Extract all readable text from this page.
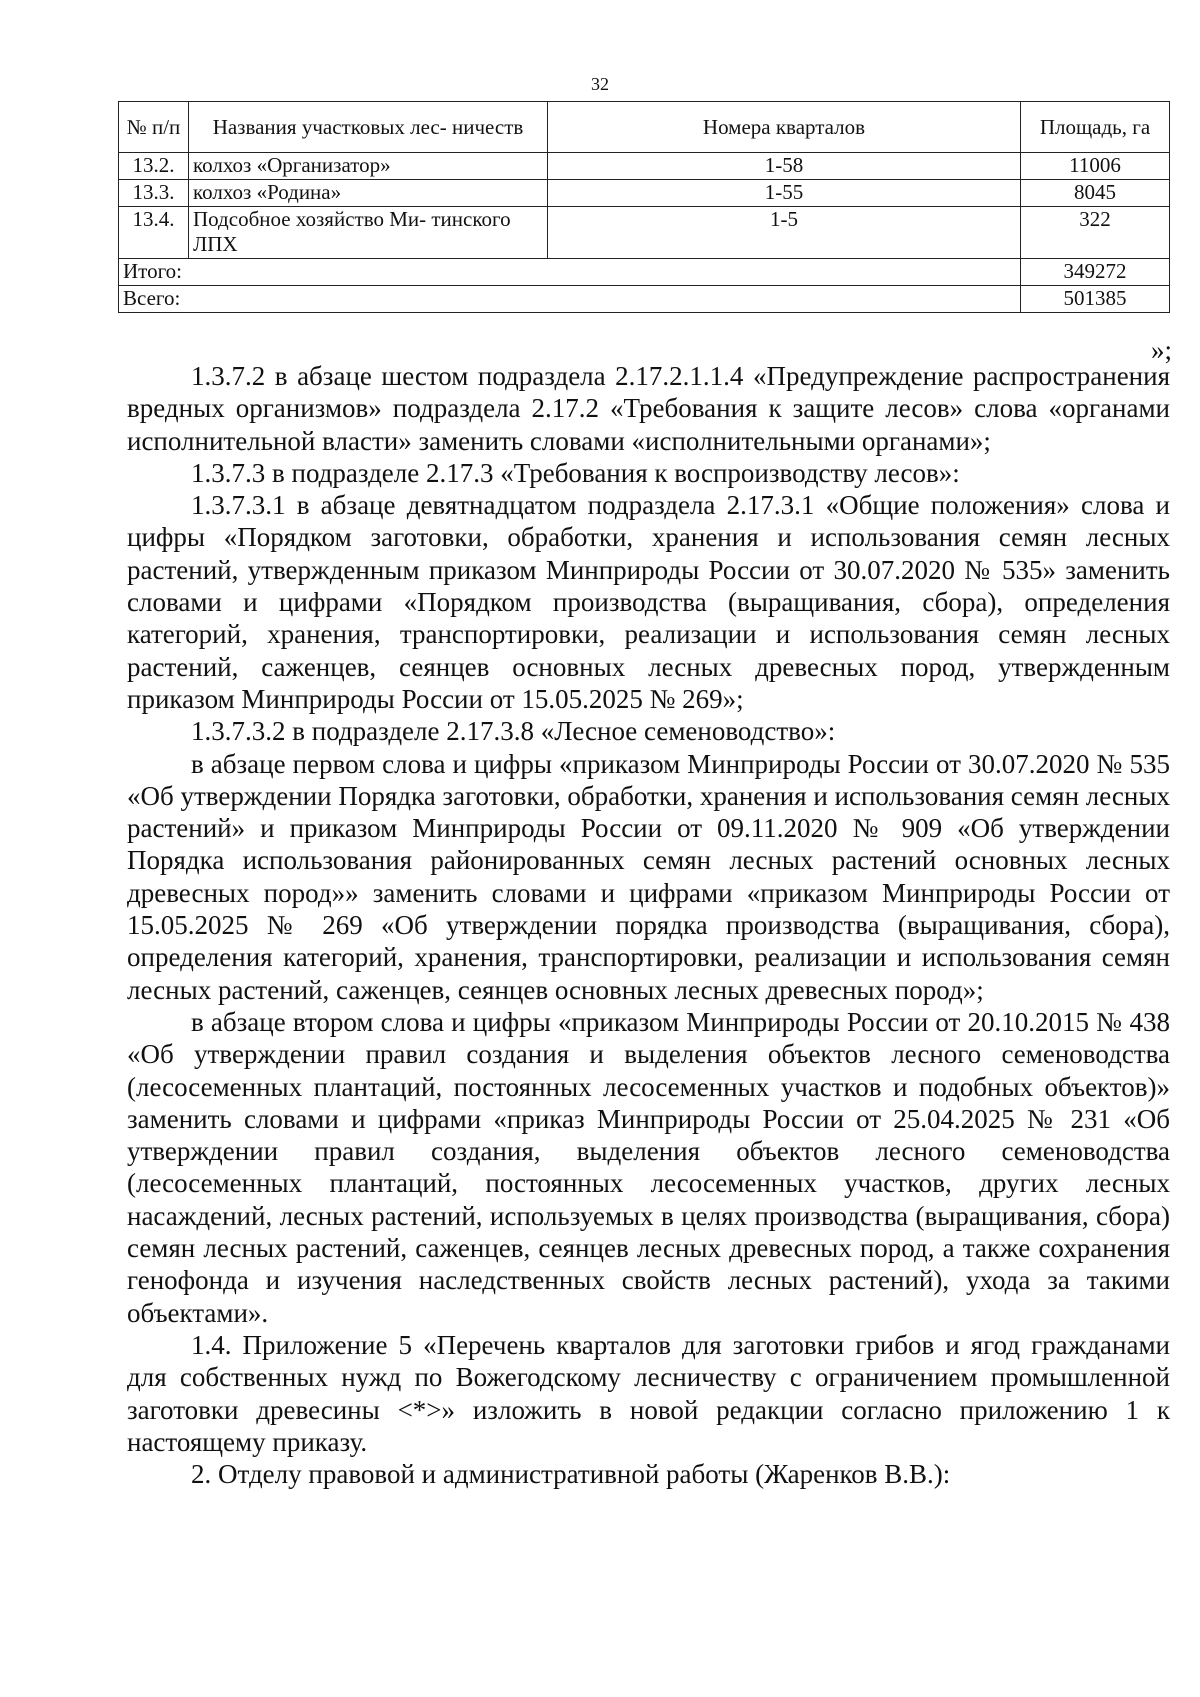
32
№ п/п	Названия участковых лес- ничеств	Номера кварталов	Площадь, га
13.2.	колхоз «Организатор»	1-58	11006
13.3.	колхоз «Родина»	1-55	8045
13.4.	Подсобное хозяйство Ми- тинского ЛПХ	1-5	322
Итого:			349272
Всего:			501385
»;

1.3.7.2 в абзаце шестом подраздела 2.17.2.1.1.4 «Предупреждение распространения вредных организмов» подраздела 2.17.2 «Требования к защите лесов» слова «органами исполнительной власти» заменить словами «исполнительными органами»;

1.3.7.3 в подразделе 2.17.3 «Требования к воспроизводству лесов»:

1.3.7.3.1 в абзаце девятнадцатом подраздела 2.17.3.1 «Общие положения» слова и цифры «Порядком заготовки, обработки, хранения и использования семян лесных растений, утвержденным приказом Минприроды России от 30.07.2020 № 535» заменить словами и цифрами «Порядком производства (выращивания, сбора), определения категорий, хранения, транспортировки, реализации и использования семян лесных растений, саженцев, сеянцев основных лесных древесных пород, утвержденным приказом Минприроды России от 15.05.2025 № 269»;

1.3.7.3.2 в подразделе 2.17.3.8 «Лесное семеноводство»:

в абзаце первом слова и цифры «приказом Минприроды России от 30.07.2020 № 535 «Об утверждении Порядка заготовки, обработки, хранения и использования семян лесных растений» и приказом Минприроды России от 09.11.2020 № 909 «Об утверждении Порядка использования районированных семян лесных растений основных лесных древесных пород»» заменить словами и цифрами «приказом Минприроды России от 15.05.2025 № 269 «Об утверждении порядка производства (выращивания, сбора), определения категорий, хранения, транспортировки, реализации и использования семян лесных растений, саженцев, сеянцев основных лесных древесных пород»;

в абзаце втором слова и цифры «приказом Минприроды России от 20.10.2015 № 438 «Об утверждении правил создания и выделения объектов лесного семеноводства (лесосеменных плантаций, постоянных лесосеменных участков и подобных объектов)» заменить словами и цифрами «приказ Минприроды России от 25.04.2025 № 231 «Об утверждении правил создания, выделения объектов лесного семеноводства (лесосеменных плантаций, постоянных лесосеменных участков, других лесных насаждений, лесных растений, используемых в целях производства (выращивания, сбора) семян лесных растений, саженцев, сеянцев лесных древесных пород, а также сохранения генофонда и изучения наследственных свойств лесных растений), ухода за такими объектами».

1.4. Приложение 5 «Перечень кварталов для заготовки грибов и ягод гражданами для собственных нужд по Вожегодскому лесничеству с ограничением промышленной заготовки древесины <*>» изложить в новой редакции согласно приложению 1 к настоящему приказу.

2. Отделу правовой и административной работы (Жаренков В.В.):
